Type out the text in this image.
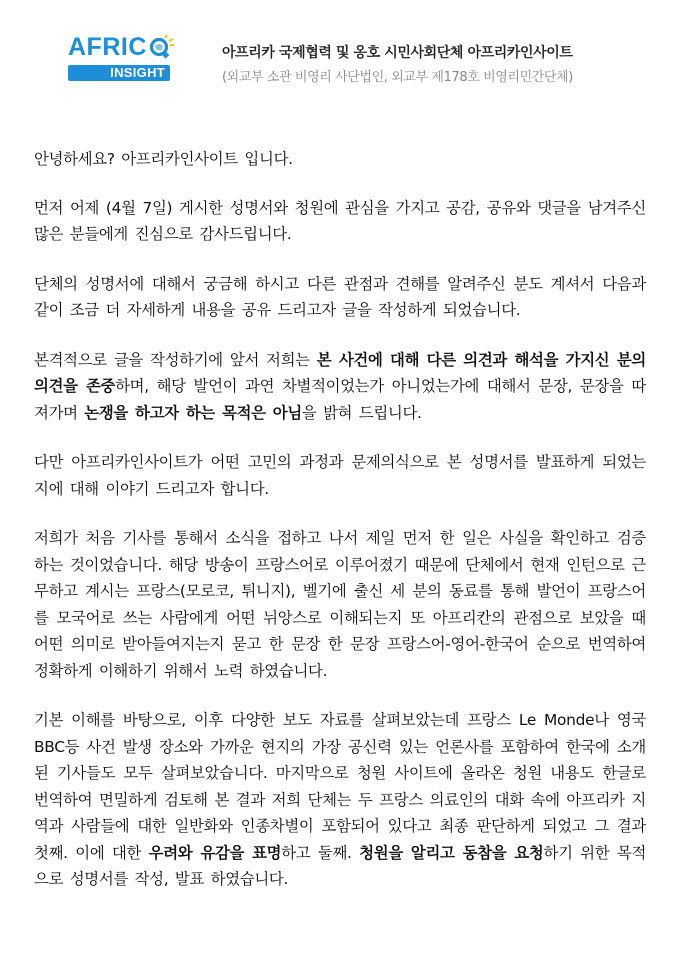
AFRIC
INSIGHT
아프리카 국제협력 및 옹호 시민사회단체 아프리카인사이트
(외교부 소관 비영리 사단법인, 외교부 제178호 비영리민간단체)

안녕하세요? 아프리카인사이트 입니다.

먼저 어제 (4월 7일) 게시한 성명서와 청원에 관심을 가지고 공감, 공유와 댓글을 남겨주신 많은 분들에게 진심으로 감사드립니다.

단체의 성명서에 대해서 궁금해 하시고 다른 관점과 견해를 알려주신 분도 계셔서 다음과 같이 조금 더 자세하게 내용을 공유 드리고자 글을 작성하게 되었습니다.

본격적으로 글을 작성하기에 앞서 저희는 본 사건에 대해 다른 의견과 해석을 가지신 분의 의견을 존중하며, 해당 발언이 과연 차별적이었는가 아니었는가에 대해서 문장, 문장을 따져가며 논쟁을 하고자 하는 목적은 아님을 밝혀 드립니다.

다만 아프리카인사이트가 어떤 고민의 과정과 문제의식으로 본 성명서를 발표하게 되었는지에 대해 이야기 드리고자 합니다.

저희가 처음 기사를 통해서 소식을 접하고 나서 제일 먼저 한 일은 사실을 확인하고 검증 하는 것이었습니다. 해당 방송이 프랑스어로 이루어졌기 때문에 단체에서 현재 인턴으로 근무하고 계시는 프랑스(모로코, 튀니지), 벨기에 출신 세 분의 동료를 통해 발언이 프랑스어를 모국어로 쓰는 사람에게 어떤 뉘앙스로 이해되는지 또 아프리칸의 관점으로 보았을 때 어떤 의미로 받아들여지는지 묻고 한 문장 한 문장 프랑스어-영어-한국어 순으로 번역하여 정확하게 이해하기 위해서 노력 하였습니다.

기본 이해를 바탕으로, 이후 다양한 보도 자료를 살펴보았는데 프랑스 Le Monde나 영국 BBC등 사건 발생 장소와 가까운 현지의 가장 공신력 있는 언론사를 포함하여 한국에 소개된 기사들도 모두 살펴보았습니다. 마지막으로 청원 사이트에 올라온 청원 내용도 한글로 번역하여 면밀하게 검토해 본 결과 저희 단체는 두 프랑스 의료인의 대화 속에 아프리카 지역과 사람들에 대한 일반화와 인종차별이 포함되어 있다고 최종 판단하게 되었고 그 결과 첫째. 이에 대한 우려와 유감을 표명하고 둘째. 청원을 알리고 동참을 요청하기 위한 목적으로 성명서를 작성, 발표 하였습니다.
